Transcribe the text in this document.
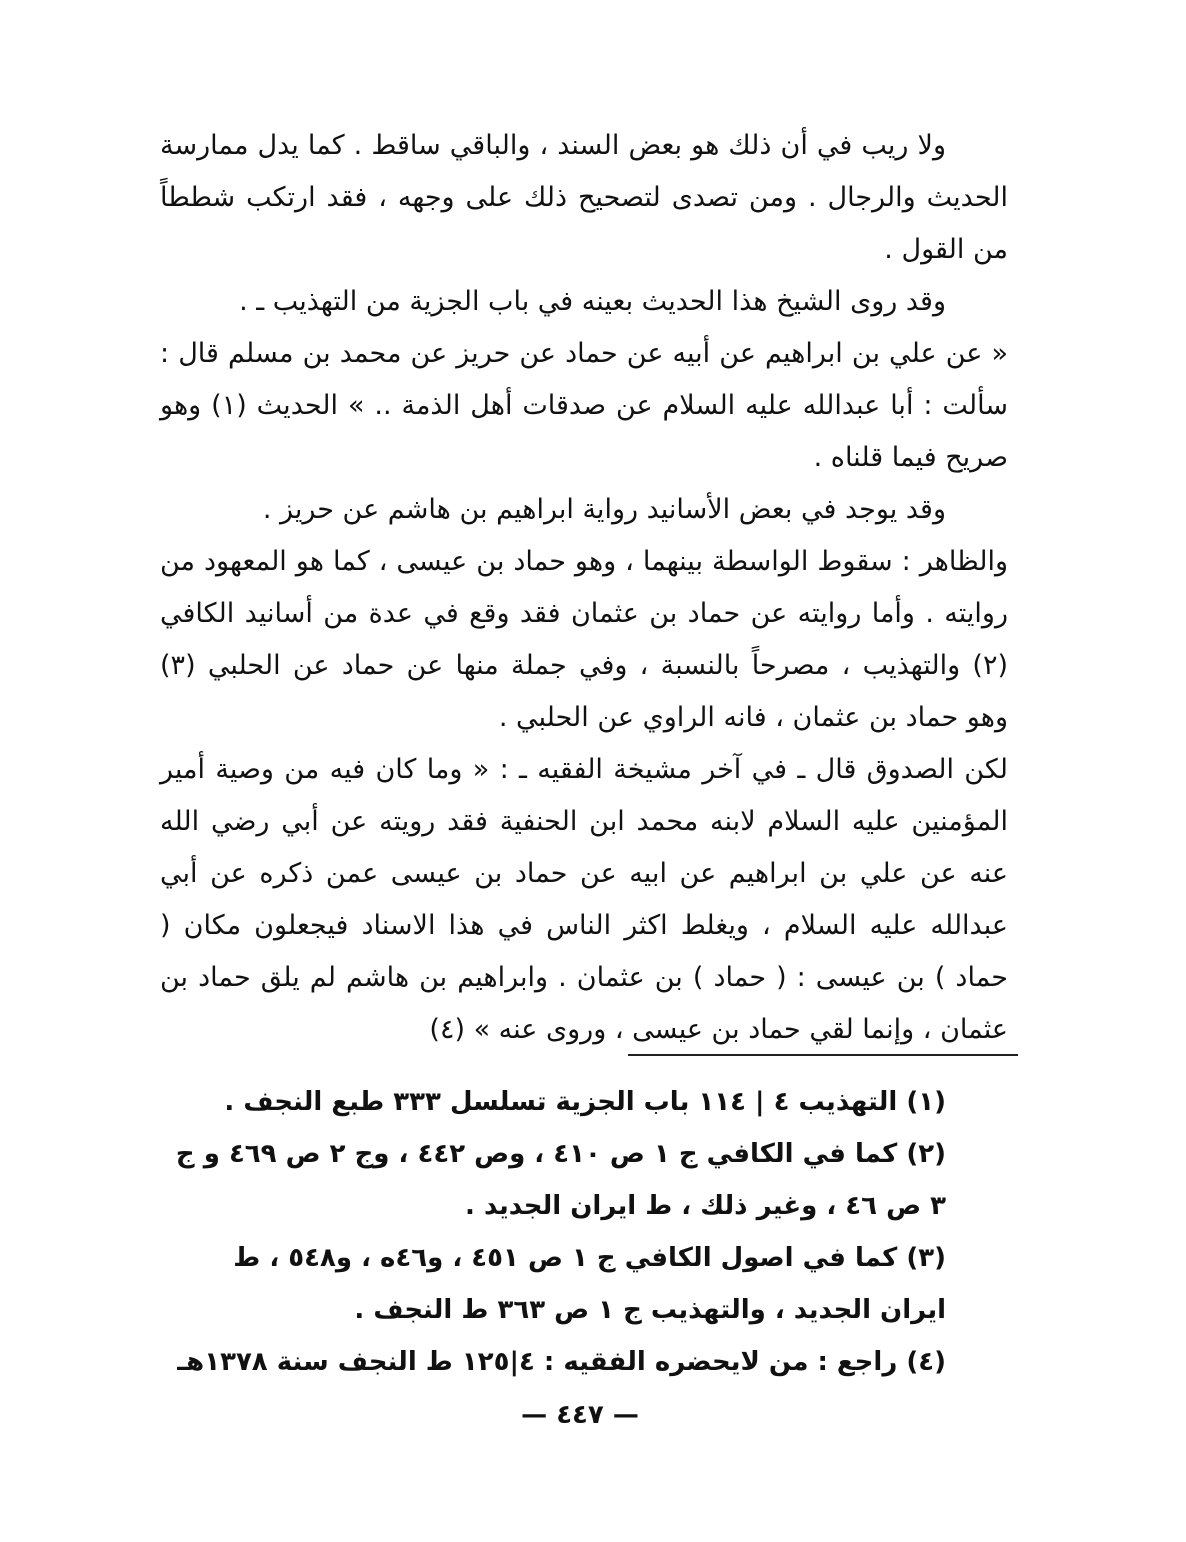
ولا ريب في أن ذلك هو بعض السند ، والباقي ساقط . كما يدل ممارسة الحديث والرجال . ومن تصدى لتصحيح ذلك على وجهه ، فقد ارتكب شططاً من القول .

وقد روى الشيخ هذا الحديث بعينه في باب الجزية من التهذيب ـ .

« عن علي بن ابراهيم عن أبيه عن حماد عن حريز عن محمد بن مسلم قال : سألت : أبا عبدالله عليه السلام عن صدقات أهل الذمة .. » الحديث (١) وهو صريح فيما قلناه .

وقد يوجد في بعض الأسانيد رواية ابراهيم بن هاشم عن حريز .

والظاهر : سقوط الواسطة بينهما ، وهو حماد بن عيسى ، كما هو المعهود من روايته . وأما روايته عن حماد بن عثمان فقد وقع في عدة من أسانيد الكافي (٢) والتهذيب ، مصرحاً بالنسبة ، وفي جملة منها عن حماد عن الحلبي (٣) وهو حماد بن عثمان ، فانه الراوي عن الحلبي .

لكن الصدوق قال ـ في آخر مشيخة الفقيه ـ : « وما كان فيه من وصية أمير المؤمنين عليه السلام لابنه محمد ابن الحنفية فقد رويته عن أبي رضي الله عنه عن علي بن ابراهيم عن ابيه عن حماد بن عيسى عمن ذكره عن أبي عبدالله عليه السلام ، ويغلط اكثر الناس في هذا الاسناد فيجعلون مكان ( حماد ) بن عيسى : ( حماد ) بن عثمان . وابراهيم بن هاشم لم يلق حماد بن عثمان ، وإنما لقي حماد بن عيسى ، وروى عنه » (٤)

(١) التهذيب ٤ | ١١٤ باب الجزية تسلسل ٣٣٣ طبع النجف .

(٢) كما في الكافي ج ١ ص ٤١٠ ، وص ٤٤٢ ، وج ٢ ص ٤٦٩ و ج ٣ ص ٤٦ ، وغير ذلك ، ط ايران الجديد .

(٣) كما في اصول الكافي ج ١ ص ٤٥١ ، و٤٦ه ، و٥٤٨ ، ط ايران الجديد ، والتهذيب ج ١ ص ٣٦٣ ط النجف .

(٤) راجع : من لايحضره الفقيه : ٤|١٢٥ ط النجف سنة ١٣٧٨هـ

— ٤٤٧ —
